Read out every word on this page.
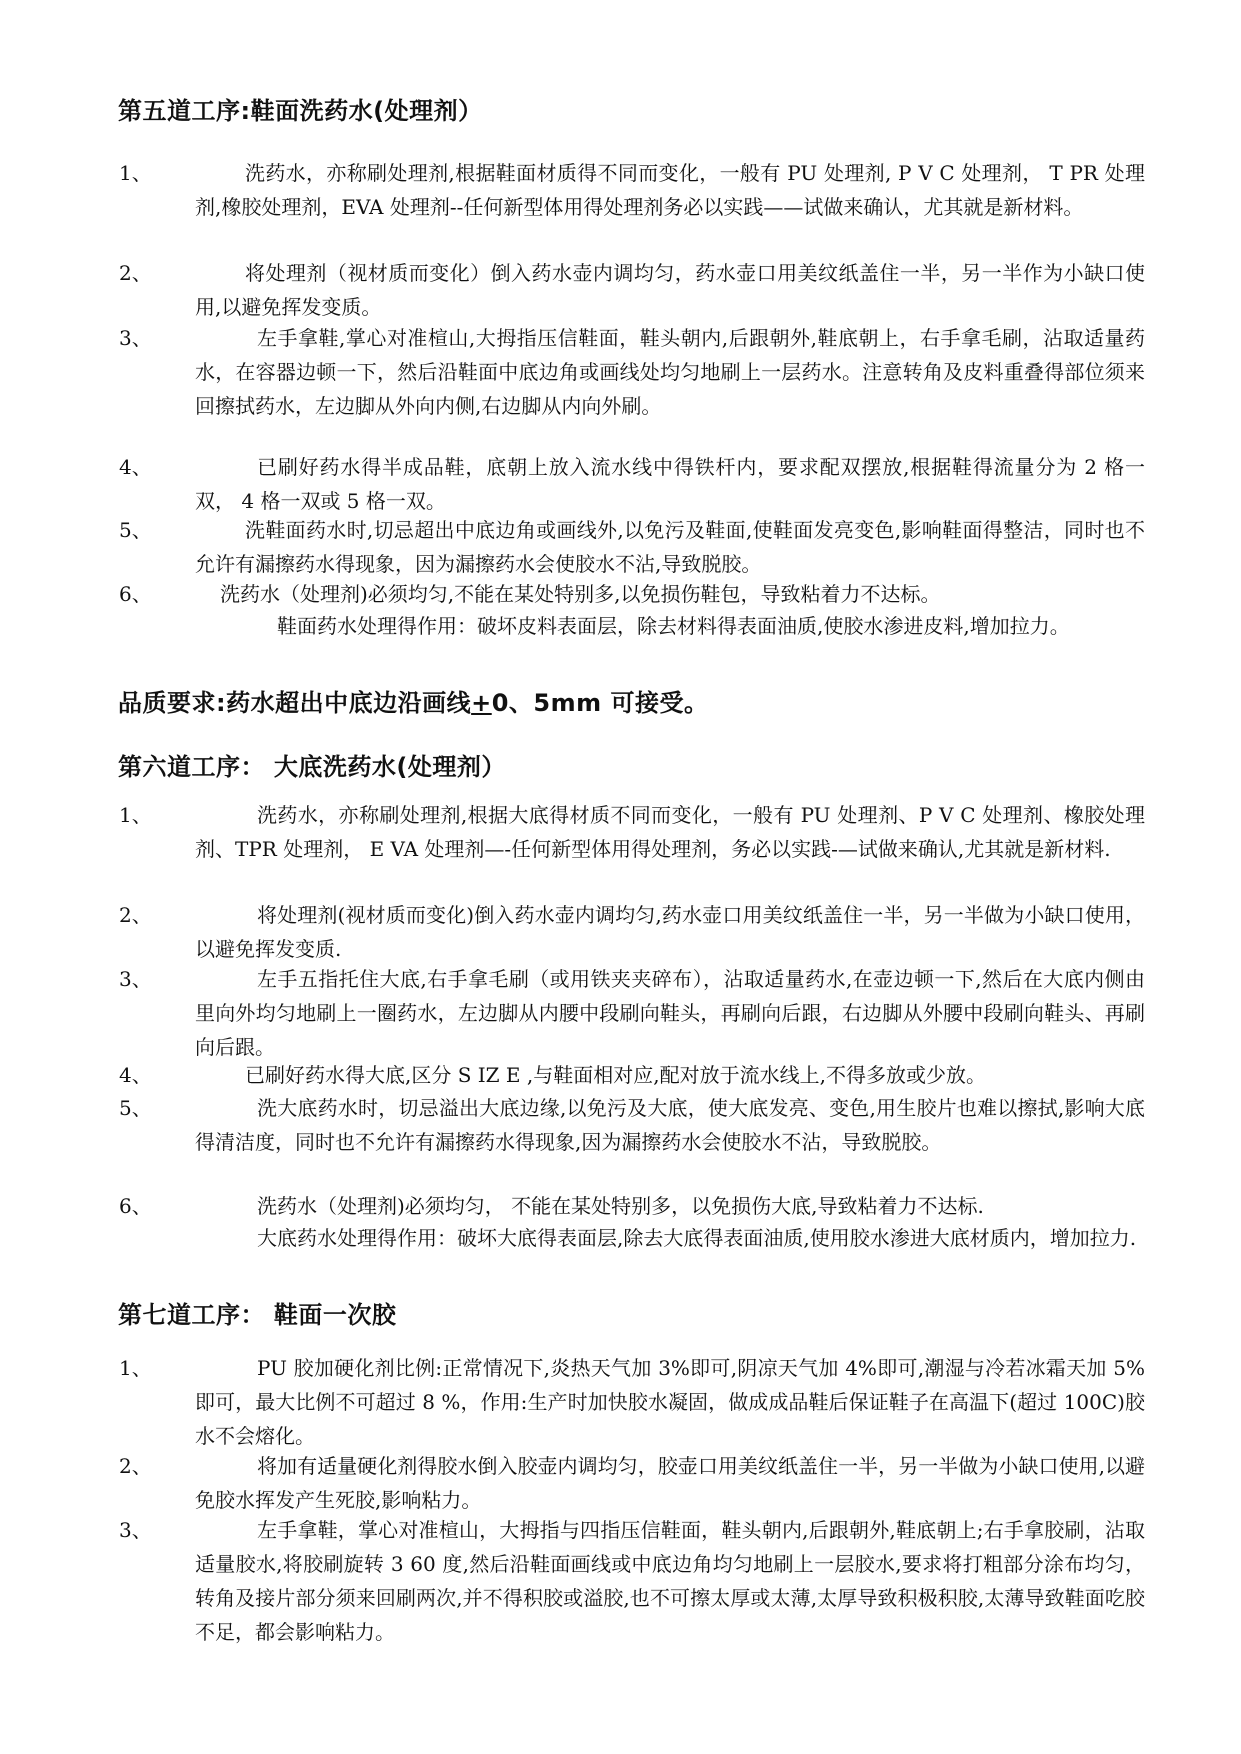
第五道工序:鞋面洗药水(处理剂）
1、	洗药水，亦称刷处理剂,根据鞋面材质得不同而变化，一般有 PU 处理剂, P V C 处理剂， T PR 处理剂,橡胶处理剂，EVA 处理剂--任何新型体用得处理剂务必以实践——试做来确认，尤其就是新材料。
2、	将处理剂（视材质而变化）倒入药水壶内调均匀，药水壶口用美纹纸盖住一半，另一半作为小缺口使用,以避免挥发变质。
3、	左手拿鞋,掌心对准楦山,大拇指压信鞋面，鞋头朝内,后跟朝外,鞋底朝上，右手拿毛刷，沾取适量药水，在容器边顿一下，然后沿鞋面中底边角或画线处均匀地刷上一层药水。注意转角及皮料重叠得部位须来回擦拭药水，左边脚从外向内侧,右边脚从内向外刷。
4、	已刷好药水得半成品鞋，底朝上放入流水线中得铁杆内，要求配双摆放,根据鞋得流量分为 2 格一双， 4 格一双或 5 格一双。
5、	洗鞋面药水时,切忌超出中底边角或画线外,以免污及鞋面,使鞋面发亮变色,影响鞋面得整洁，同时也不允许有漏擦药水得现象，因为漏擦药水会使胶水不沾,导致脱胶。
6、	洗药水（处理剂)必须均匀,不能在某处特别多,以免损伤鞋包，导致粘着力不达标。
鞋面药水处理得作用：破坏皮料表面层，除去材料得表面油质,使胶水渗进皮料,增加拉力。
品质要求:药水超出中底边沿画线+0、5mm 可接受。
第六道工序： 大底洗药水(处理剂）
1、	洗药水，亦称刷处理剂,根据大底得材质不同而变化，一般有 PU 处理剂、P V C 处理剂、橡胶处理剂、TPR 处理剂， E VA 处理剂—-任何新型体用得处理剂，务必以实践-—试做来确认,尤其就是新材料.
2、	将处理剂(视材质而变化)倒入药水壶内调均匀,药水壶口用美纹纸盖住一半，另一半做为小缺口使用，以避免挥发变质.
3、	左手五指托住大底,右手拿毛刷（或用铁夹夹碎布），沾取适量药水,在壶边顿一下,然后在大底内侧由里向外均匀地刷上一圈药水，左边脚从内腰中段刷向鞋头，再刷向后跟，右边脚从外腰中段刷向鞋头、再刷向后跟。
4、	已刷好药水得大底,区分 S IZ E ,与鞋面相对应,配对放于流水线上,不得多放或少放。
5、	洗大底药水时，切忌溢出大底边缘,以免污及大底，使大底发亮、变色,用生胶片也难以擦拭,影响大底得清洁度，同时也不允许有漏擦药水得现象,因为漏擦药水会使胶水不沾，导致脱胶。
6、	洗药水（处理剂)必须均匀， 不能在某处特别多，以免损伤大底,导致粘着力不达标.
大底药水处理得作用：破坏大底得表面层,除去大底得表面油质,使用胶水渗进大底材质内，增加拉力.
第七道工序： 鞋面一次胶
1、	PU 胶加硬化剂比例:正常情况下,炎热天气加 3%即可,阴凉天气加 4%即可,潮湿与冷若冰霜天加 5%即可，最大比例不可超过 8 %，作用:生产时加快胶水凝固，做成成品鞋后保证鞋子在高温下(超过 100C)胶水不会熔化。
2、	将加有适量硬化剂得胶水倒入胶壶内调均匀，胶壶口用美纹纸盖住一半，另一半做为小缺口使用,以避免胶水挥发产生死胶,影响粘力。
3、	左手拿鞋，掌心对准楦山，大拇指与四指压信鞋面，鞋头朝内,后跟朝外,鞋底朝上;右手拿胶刷，沾取适量胶水,将胶刷旋转 3 60 度,然后沿鞋面画线或中底边角均匀地刷上一层胶水,要求将打粗部分涂布均匀，转角及接片部分须来回刷两次,并不得积胶或溢胶,也不可擦太厚或太薄,太厚导致积极积胶,太薄导致鞋面吃胶不足，都会影响粘力。
